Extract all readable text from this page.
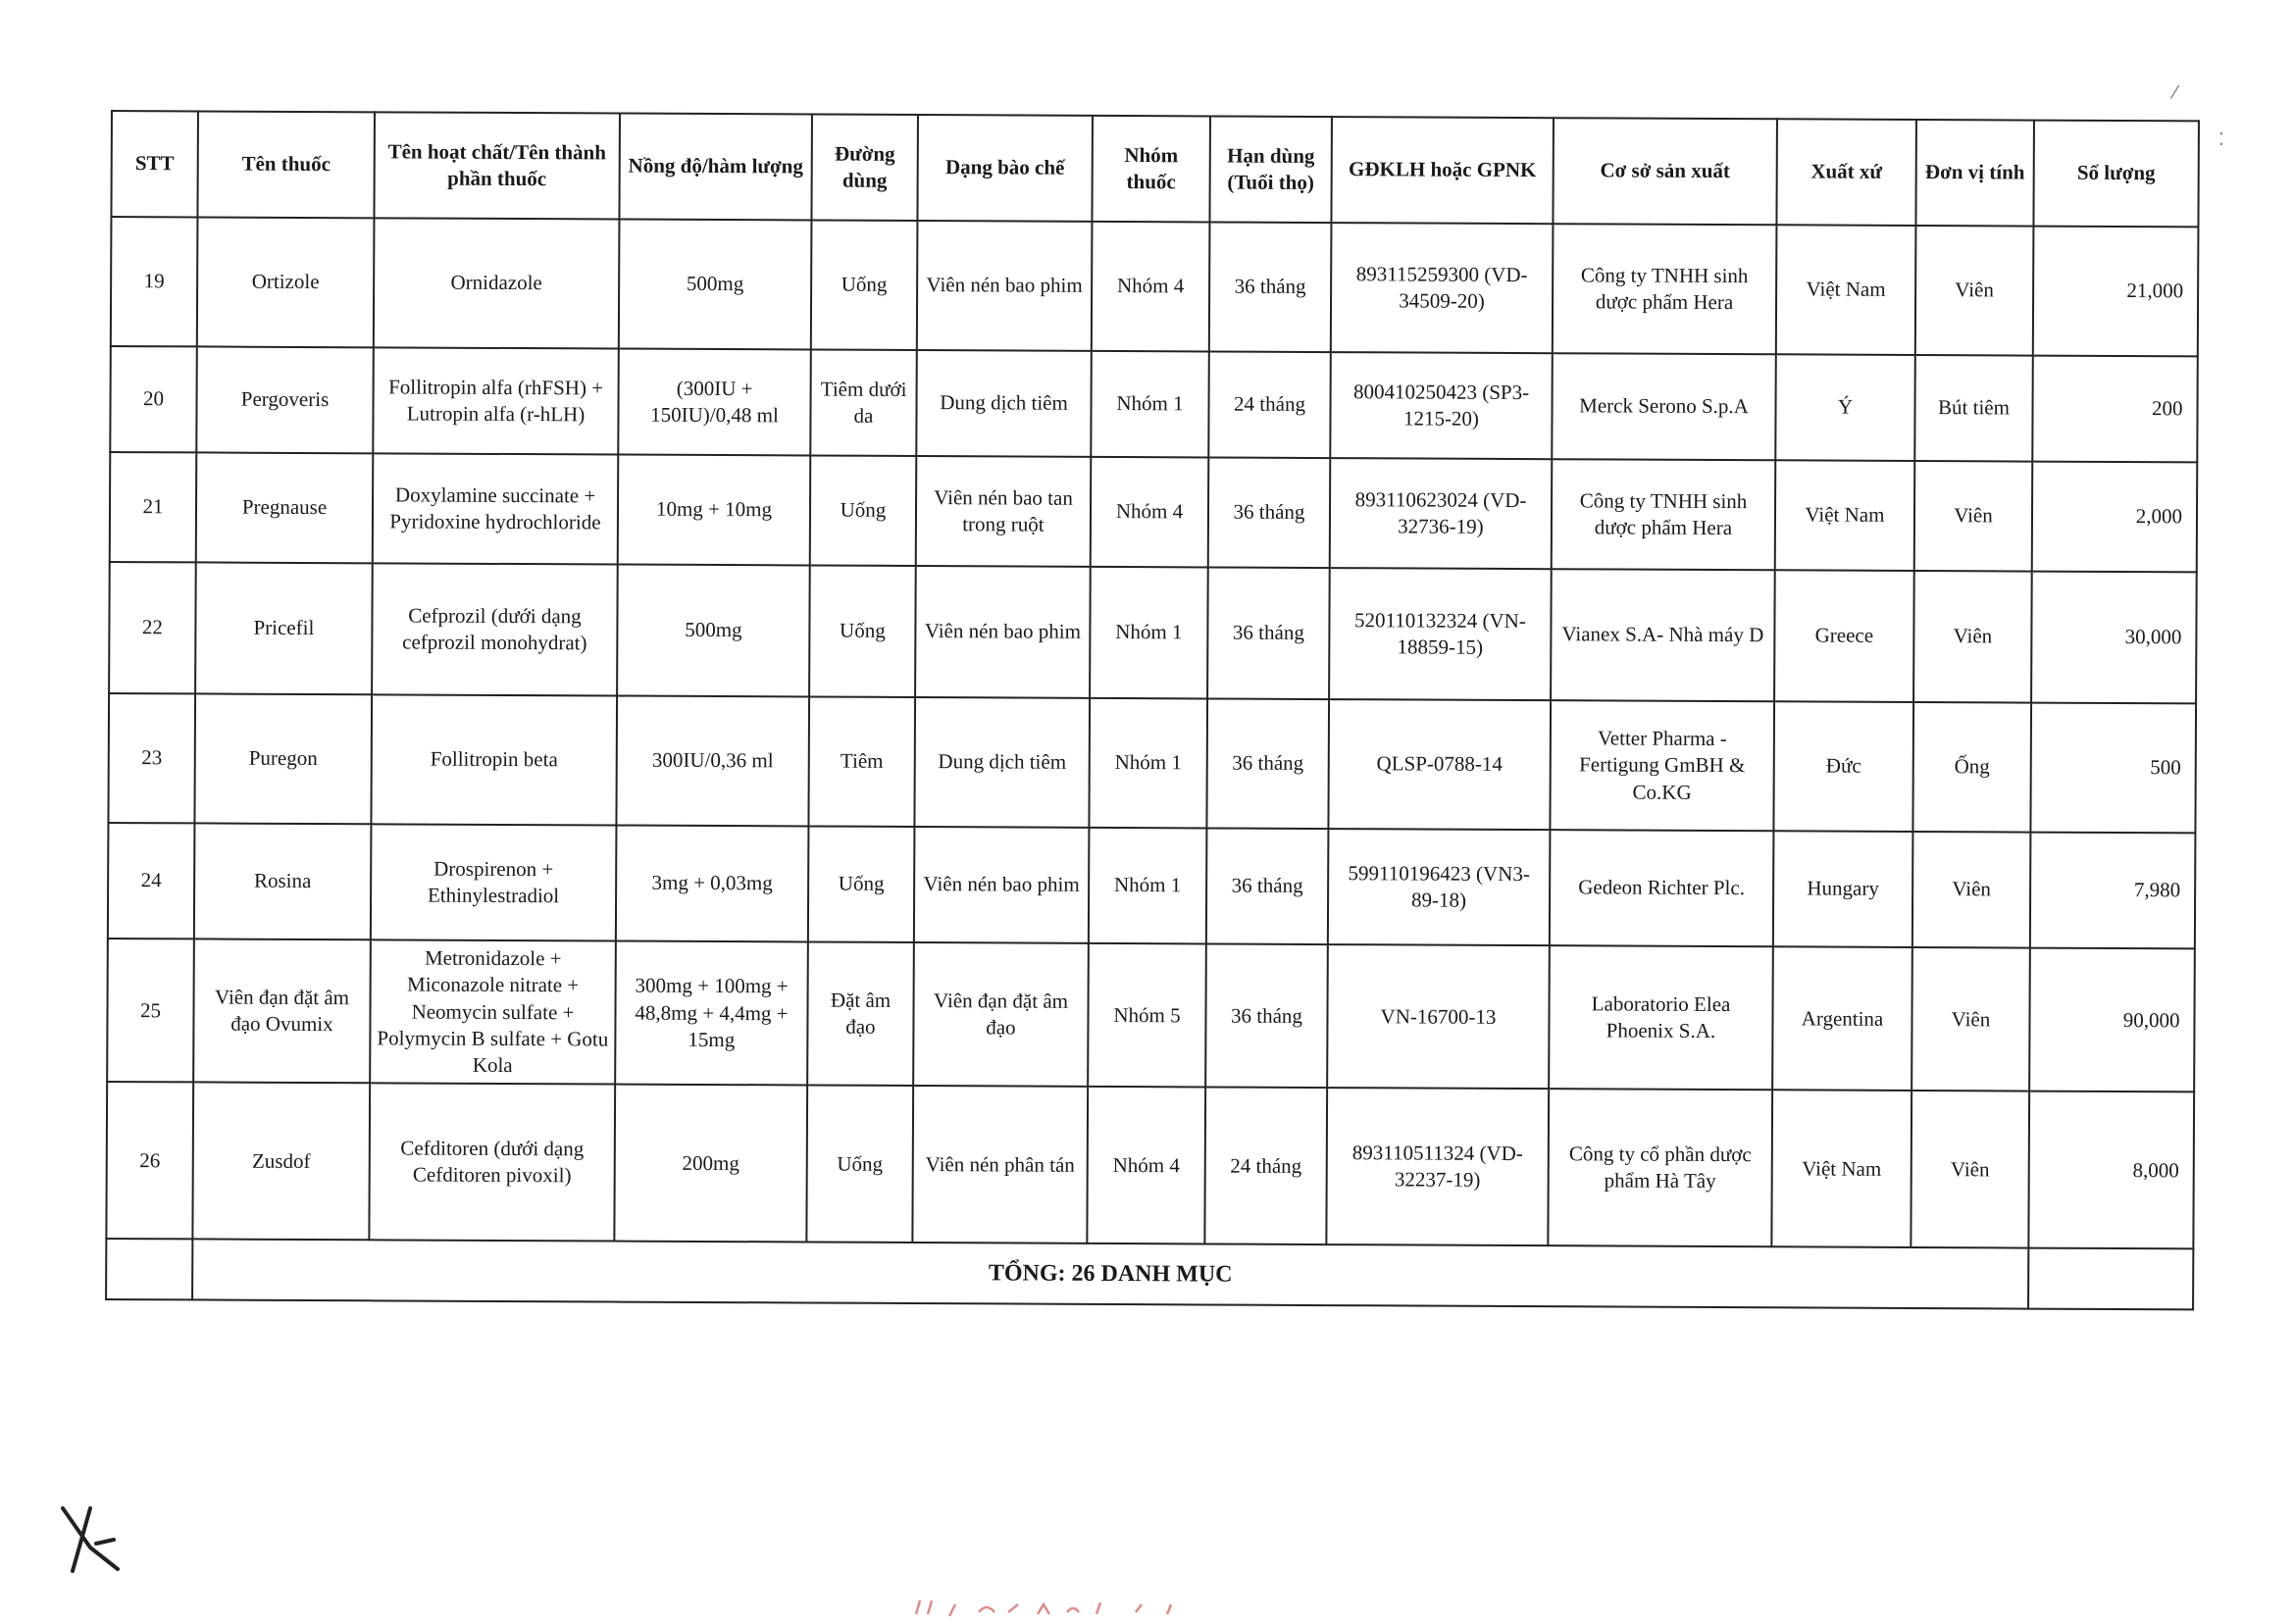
STT	Tên thuốc	Tên hoạt chất/Tên thành phần thuốc	Nồng độ/hàm lượng	Đường dùng	Dạng bào chế	Nhóm thuốc	Hạn dùng (Tuổi thọ)	GĐKLH hoặc GPNK	Cơ sở sản xuất	Xuất xứ	Đơn vị tính	Số lượng
19	Ortizole	Ornidazole	500mg	Uống	Viên nén bao phim	Nhóm 4	36 tháng	893115259300 (VD-34509-20)	Công ty TNHH sinh dược phẩm Hera	Việt Nam	Viên	21,000
20	Pergoveris	Follitropin alfa (rhFSH) + Lutropin alfa (r-hLH)	(300IU + 150IU)/0,48 ml	Tiêm dưới da	Dung dịch tiêm	Nhóm 1	24 tháng	800410250423 (SP3-1215-20)	Merck Serono S.p.A	Ý	Bút tiêm	200
21	Pregnause	Doxylamine succinate + Pyridoxine hydrochloride	10mg + 10mg	Uống	Viên nén bao tan trong ruột	Nhóm 4	36 tháng	893110623024 (VD-32736-19)	Công ty TNHH sinh dược phẩm Hera	Việt Nam	Viên	2,000
22	Pricefil	Cefprozil (dưới dạng cefprozil monohydrat)	500mg	Uống	Viên nén bao phim	Nhóm 1	36 tháng	520110132324 (VN-18859-15)	Vianex S.A- Nhà máy D	Greece	Viên	30,000
23	Puregon	Follitropin beta	300IU/0,36 ml	Tiêm	Dung dịch tiêm	Nhóm 1	36 tháng	QLSP-0788-14	Vetter Pharma - Fertigung GmBH & Co.KG	Đức	Ống	500
24	Rosina	Drospirenon + Ethinylestradiol	3mg + 0,03mg	Uống	Viên nén bao phim	Nhóm 1	36 tháng	599110196423 (VN3-89-18)	Gedeon Richter Plc.	Hungary	Viên	7,980
25	Viên đạn đặt âm đạo Ovumix	Metronidazole + Miconazole nitrate + Neomycin sulfate + Polymycin B sulfate + Gotu Kola	300mg + 100mg + 48,8mg + 4,4mg + 15mg	Đặt âm đạo	Viên đạn đặt âm đạo	Nhóm 5	36 tháng	VN-16700-13	Laboratorio Elea Phoenix S.A.	Argentina	Viên	90,000
26	Zusdof	Cefditoren (dưới dạng Cefditoren pivoxil)	200mg	Uống	Viên nén phân tán	Nhóm 4	24 tháng	893110511324 (VD-32237-19)	Công ty cổ phần dược phẩm Hà Tây	Việt Nam	Viên	8,000
	TỔNG: 26 DANH MỤC											
⁄
⁚
